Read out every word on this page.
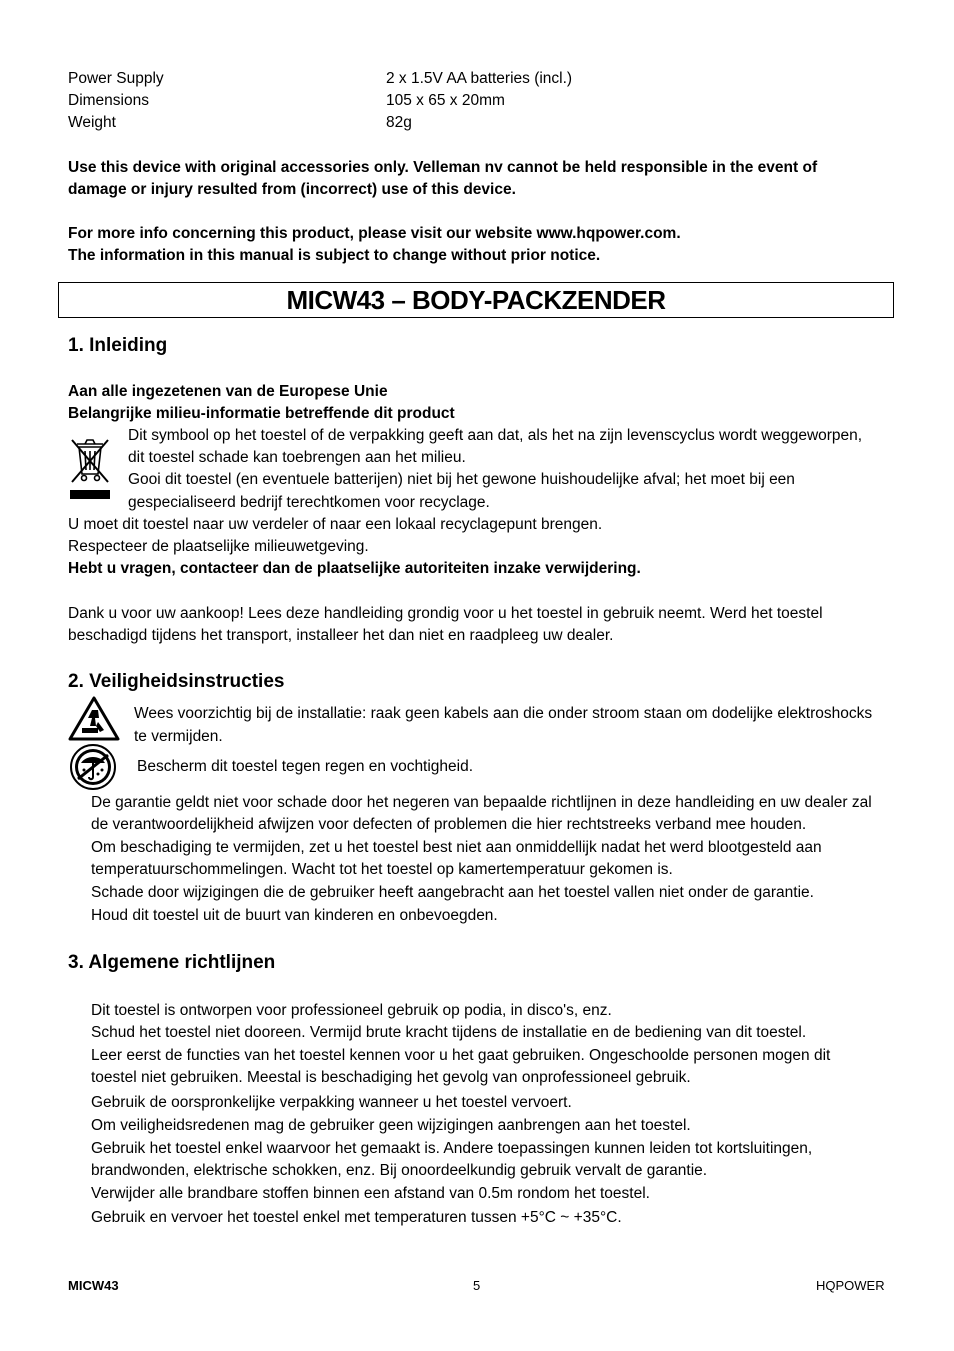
Power Supply	2 x 1.5V AA batteries (incl.)
Dimensions	105 x 65 x 20mm
Weight	82g
Use this device with original accessories only. Velleman nv cannot be held responsible in the event of
damage or injury resulted from (incorrect) use of this device.
For more info concerning this product, please visit our website www.hqpower.com.
The information in this manual is subject to change without prior notice.
MICW43 – BODY-PACKZENDER
1. Inleiding
Aan alle ingezetenen van de Europese Unie
Belangrijke milieu-informatie betreffende dit product
Dit symbool op het toestel of de verpakking geeft aan dat, als het na zijn levenscyclus wordt weggeworpen,
dit toestel schade kan toebrengen aan het milieu.
Gooi dit toestel (en eventuele batterijen) niet bij het gewone huishoudelijke afval; het moet bij een
gespecialiseerd bedrijf terechtkomen voor recyclage.
U moet dit toestel naar uw verdeler of naar een lokaal recyclagepunt brengen.
Respecteer de plaatselijke milieuwetgeving.
Hebt u vragen, contacteer dan de plaatselijke autoriteiten inzake verwijdering.
Dank u voor uw aankoop! Lees deze handleiding grondig voor u het toestel in gebruik neemt. Werd het toestel
beschadigd tijdens het transport, installeer het dan niet en raadpleeg uw dealer.
2. Veiligheidsinstructies
Wees voorzichtig bij de installatie: raak geen kabels aan die onder stroom staan om dodelijke elektroshocks
te vermijden.
Bescherm dit toestel tegen regen en vochtigheid.
De garantie geldt niet voor schade door het negeren van bepaalde richtlijnen in deze handleiding en uw dealer zal
de verantwoordelijkheid afwijzen voor defecten of problemen die hier rechtstreeks verband mee houden.
Om beschadiging te vermijden, zet u het toestel best niet aan onmiddellijk nadat het werd blootgesteld aan
temperatuurschommelingen. Wacht tot het toestel op kamertemperatuur gekomen is.
Schade door wijzigingen die de gebruiker heeft aangebracht aan het toestel vallen niet onder de garantie.
Houd dit toestel uit de buurt van kinderen en onbevoegden.
3. Algemene richtlijnen
Dit toestel is ontworpen voor professioneel gebruik op podia, in disco's, enz.
Schud het toestel niet dooreen. Vermijd brute kracht tijdens de installatie en de bediening van dit toestel.
Leer eerst de functies van het toestel kennen voor u het gaat gebruiken. Ongeschoolde personen mogen dit
toestel niet gebruiken. Meestal is beschadiging het gevolg van onprofessioneel gebruik.
Gebruik de oorspronkelijke verpakking wanneer u het toestel vervoert.
Om veiligheidsredenen mag de gebruiker geen wijzigingen aanbrengen aan het toestel.
Gebruik het toestel enkel waarvoor het gemaakt is. Andere toepassingen kunnen leiden tot kortsluitingen,
brandwonden, elektrische schokken, enz. Bij onoordeelkundig gebruik vervalt de garantie.
Verwijder alle brandbare stoffen binnen een afstand van 0.5m rondom het toestel.
Gebruik en vervoer het toestel enkel met temperaturen tussen +5°C ~ +35°C.
MICW43	5	HQPOWER
